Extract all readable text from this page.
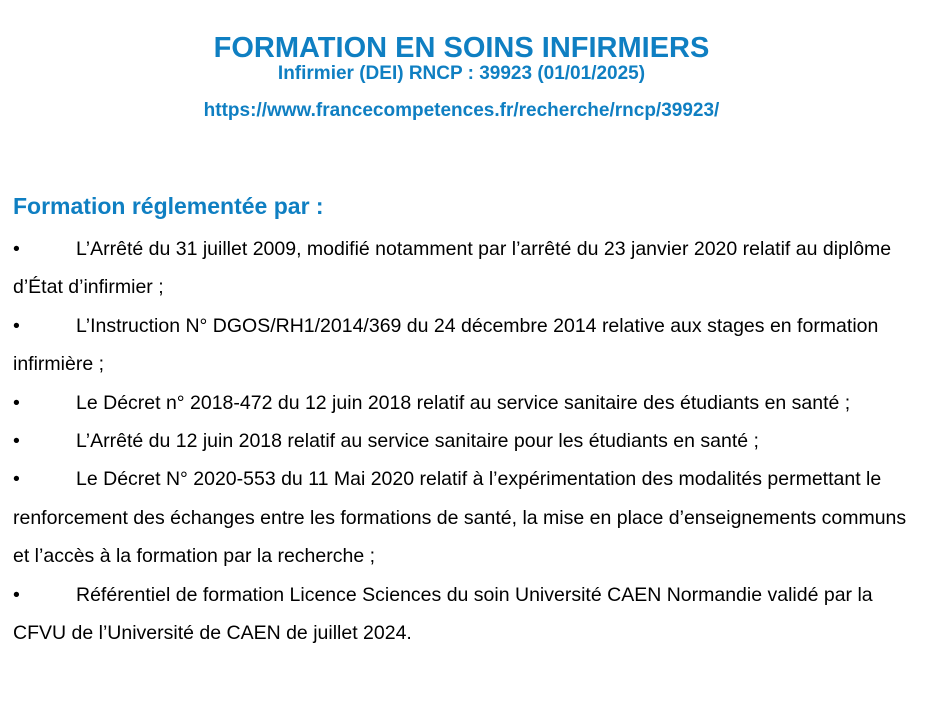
FORMATION EN SOINS INFIRMIERS
Infirmier (DEI) RNCP : 39923 (01/01/2025)
https://www.francecompetences.fr/recherche/rncp/39923/
Formation réglementée par :
•	L’Arrêté du 31 juillet 2009, modifié notamment par l’arrêté du 23 janvier 2020 relatif au diplôme d’État d’infirmier ;
•	L’Instruction N° DGOS/RH1/2014/369 du 24 décembre 2014 relative aux stages en formation infirmière ;
•	Le Décret n° 2018-472 du 12 juin 2018 relatif au service sanitaire des étudiants en santé ;
•	L’Arrêté du 12 juin 2018 relatif au service sanitaire pour les étudiants en santé ;
•	Le Décret N° 2020-553 du 11 Mai 2020 relatif à l’expérimentation des modalités permettant le renforcement des échanges entre les formations de santé, la mise en place d’enseignements communs et l’accès à la formation par la recherche ;
•	Référentiel de formation Licence Sciences du soin Université CAEN Normandie validé par la CFVU de l’Université de CAEN de juillet 2024.
